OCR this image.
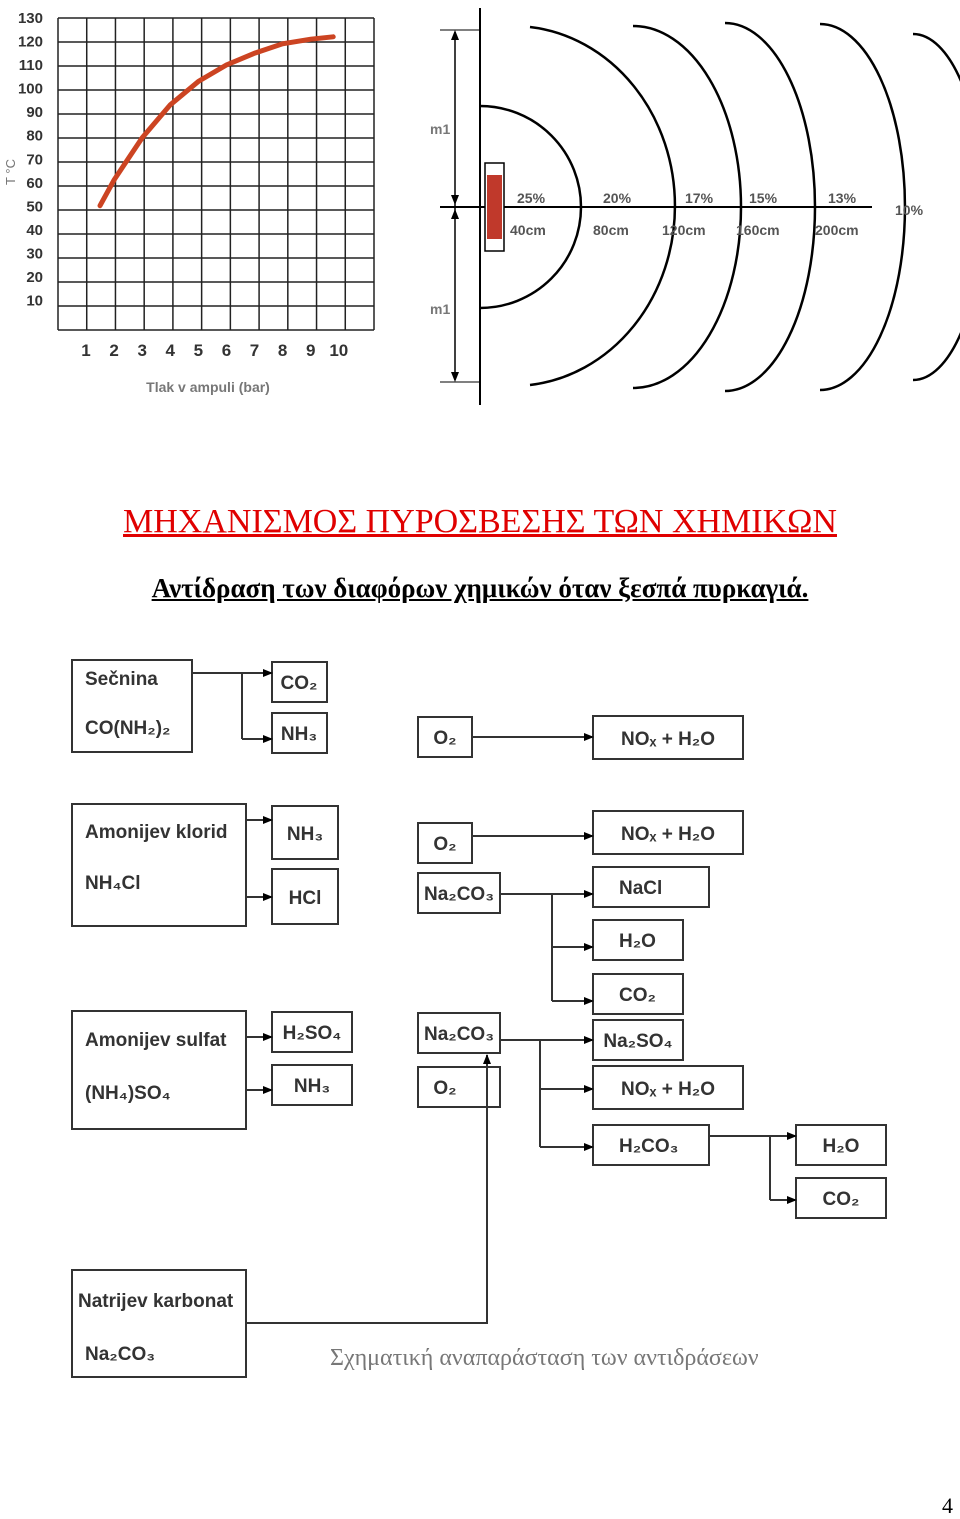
130
120
110
100
90
80
70
60
50
40
30
20
10
1 2 3 4 5 6 7 8 9 10
T °C
Tlak v ampuli (bar)
m1
m1
25%
40cm
20%
80cm
17%
120cm
15%
160cm
13%
200cm
10%
ΜΗΧΑΝΙΣΜΟΣ ΠΥΡΟΣΒΕΣΗΣ ΤΩΝ ΧΗΜΙΚΩΝ
Αντίδραση των διαφόρων χημικών όταν ξεσπά πυρκαγιά.
Sečnina
CO(NH₂)₂
CO₂
NH₃	O₂	NOₓ + H₂O
Amonijev klorid
NH₄Cl
NH₃
HCl
O₂
Na₂CO₃
NOₓ + H₂O
NaCl
H₂O
CO₂
Amonijev sulfat
(NH₄)SO₄
H₂SO₄
NH₃
Na₂CO₃
O₂
Na₂SO₄
NOₓ + H₂O
H₂CO₃	H₂O
CO₂
Natrijev karbonat
Na₂CO₃	Σχηματική αναπαράσταση των αντιδράσεων
4
